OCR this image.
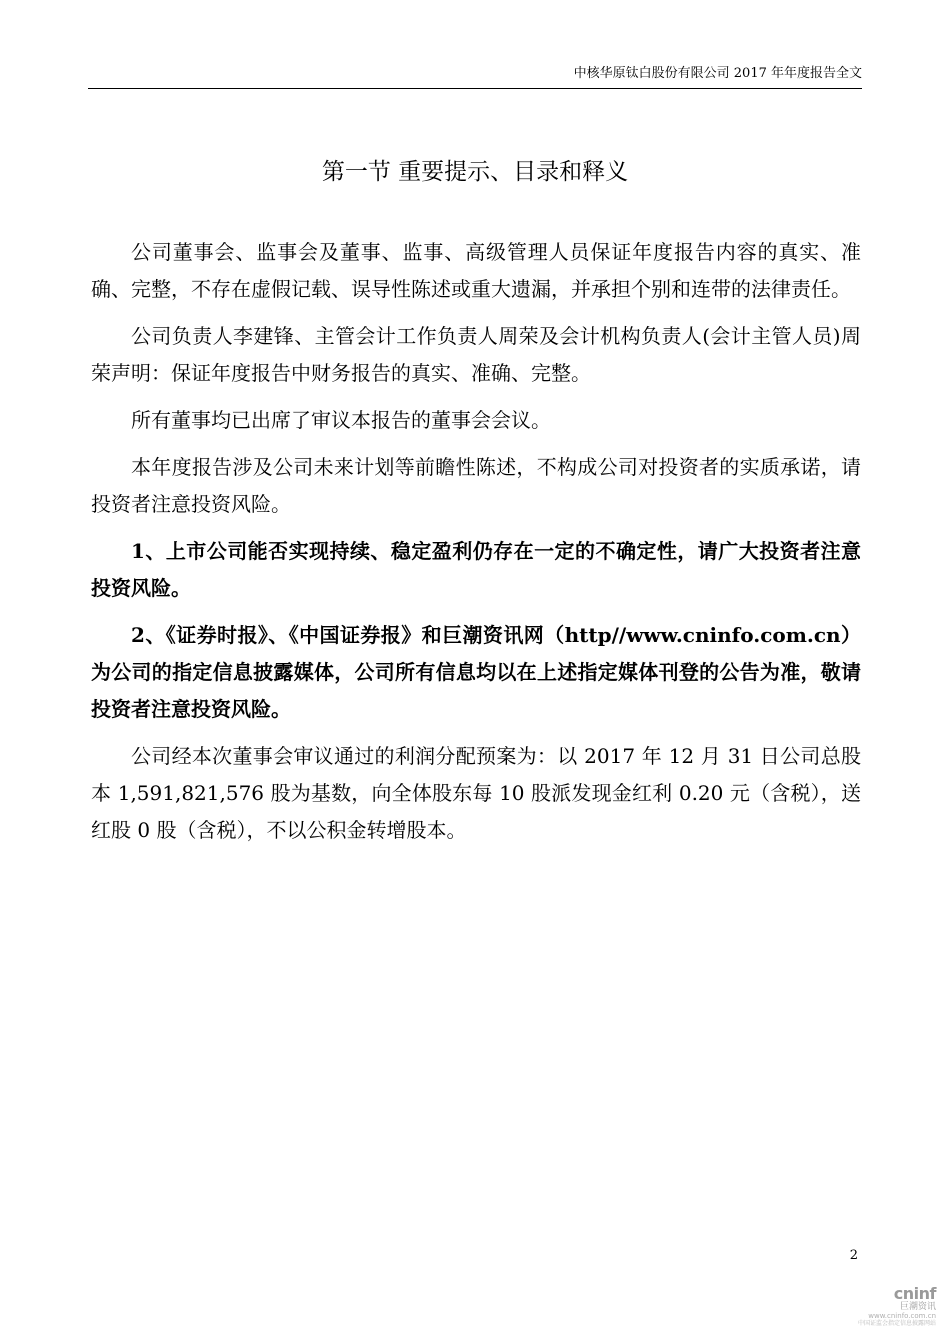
中核华原钛白股份有限公司 2017 年年度报告全文
第一节 重要提示、目录和释义

公司董事会、监事会及董事、监事、高级管理人员保证年度报告内容的真实、准确、完整，不存在虚假记载、误导性陈述或重大遗漏，并承担个别和连带的法律责任。

公司负责人李建锋、主管会计工作负责人周荣及会计机构负责人(会计主管人员)周荣声明：保证年度报告中财务报告的真实、准确、完整。

所有董事均已出席了审议本报告的董事会会议。

本年度报告涉及公司未来计划等前瞻性陈述，不构成公司对投资者的实质承诺，请投资者注意投资风险。

1、上市公司能否实现持续、稳定盈利仍存在一定的不确定性，请广大投资者注意投资风险。

2、《证券时报》、《中国证券报》和巨潮资讯网（http//www.cninfo.com.cn）为公司的指定信息披露媒体，公司所有信息均以在上述指定媒体刊登的公告为准，敬请投资者注意投资风险。

公司经本次董事会审议通过的利润分配预案为：以 2017 年 12 月 31 日公司总股本 1,591,821,576 股为基数，向全体股东每 10 股派发现金红利 0.20 元（含税），送红股 0 股（含税），不以公积金转增股本。

2
cninf
巨潮资讯
www.cninfo.com.cn
中国证监会指定信息披露网站
